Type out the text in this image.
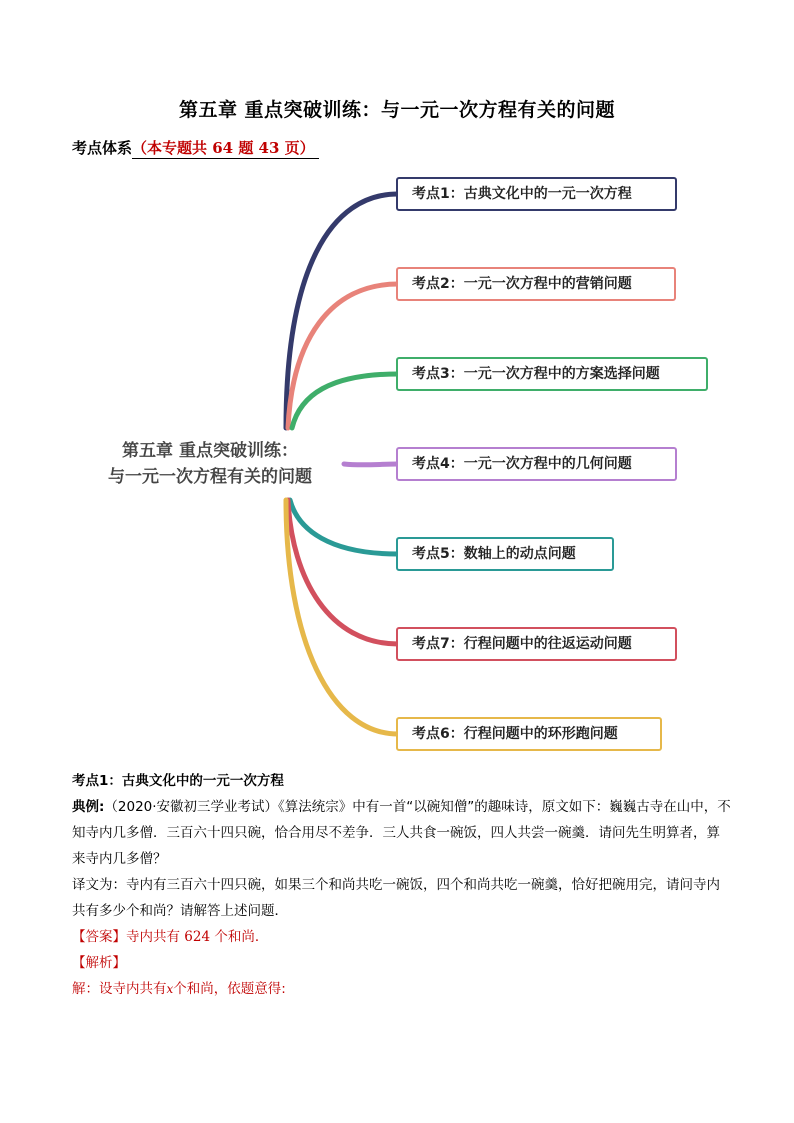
第五章 重点突破训练：与一元一次方程有关的问题
考点体系（本专题共 64 题 43 页）
第五章 重点突破训练：
与一元一次方程有关的问题
考点1：古典文化中的一元一次方程
考点2：一元一次方程中的营销问题
考点3：一元一次方程中的方案选择问题
考点4：一元一次方程中的几何问题
考点5：数轴上的动点问题
考点7：行程问题中的往返运动问题
考点6：行程问题中的环形跑问题

考点1：古典文化中的一元一次方程

典例:（2020·安徽初三学业考试）《算法统宗》中有一首“以碗知僧”的趣味诗，原文如下：巍巍古寺在山中，不知寺内几多僧．三百六十四只碗，恰合用尽不差争．三人共食一碗饭，四人共尝一碗羹．请问先生明算者，算来寺内几多僧？

译文为：寺内有三百六十四只碗，如果三个和尚共吃一碗饭，四个和尚共吃一碗羹，恰好把碗用完，请问寺内共有多少个和尚？请解答上述问题．

【答案】寺内共有 624 个和尚．

【解析】

解：设寺内共有x个和尚，依题意得:
